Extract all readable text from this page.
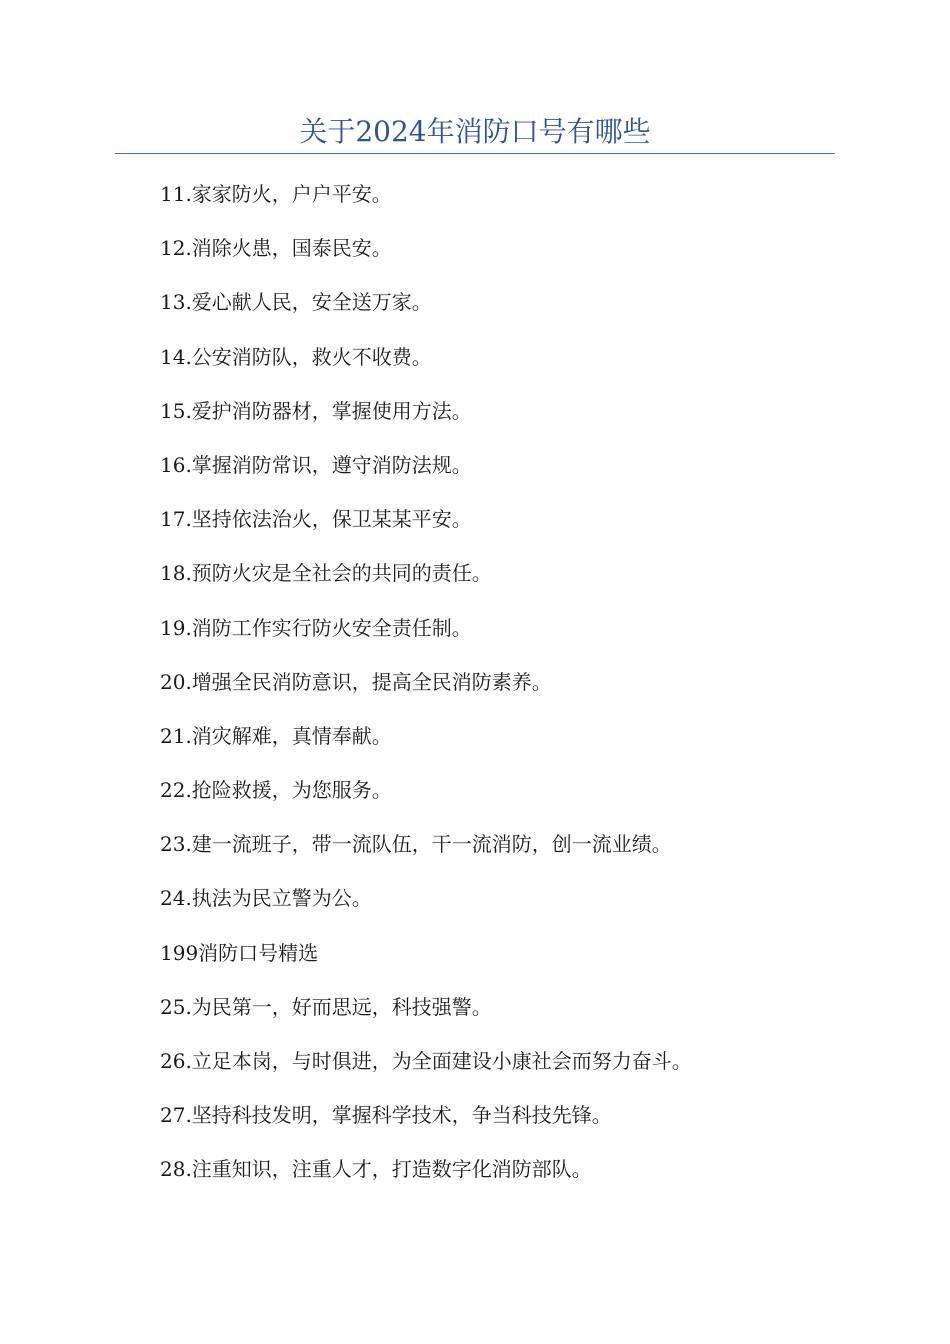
关于2024年消防口号有哪些
11.家家防火，户户平安。
12.消除火患，国泰民安。
13.爱心献人民，安全送万家。
14.公安消防队，救火不收费。
15.爱护消防器材，掌握使用方法。
16.掌握消防常识，遵守消防法规。
17.坚持依法治火，保卫某某平安。
18.预防火灾是全社会的共同的责任。
19.消防工作实行防火安全责任制。
20.增强全民消防意识，提高全民消防素养。
21.消灾解难，真情奉献。
22.抢险救援，为您服务。
23.建一流班子，带一流队伍，干一流消防，创一流业绩。
24.执法为民立警为公。
199消防口号精选
25.为民第一，好而思远，科技强警。
26.立足本岗，与时俱进，为全面建设小康社会而努力奋斗。
27.坚持科技发明，掌握科学技术，争当科技先锋。
28.注重知识，注重人才，打造数字化消防部队。
